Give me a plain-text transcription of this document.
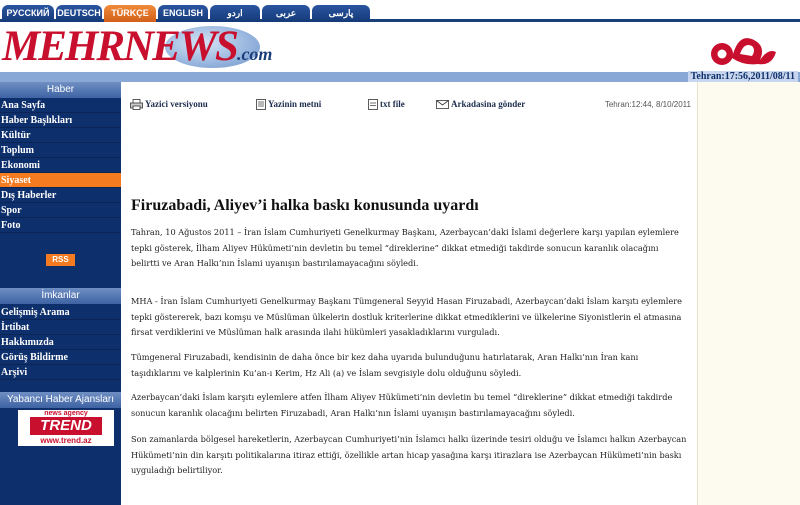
РУССКИЙ DEUTSCH	TÜRKÇE	ENGLISH	اردو	عربی	پارسی
MEHRNEWS.com
Tehran:17:56,2011/08/11
Haber
Ana Sayfa
Haber Başlıkları
Kültür
Toplum
Ekonomi
Siyaset
Dış Haberler
Spor
Foto
RSS
İmkanlar
Gelişmiş Arama
İrtibat
Hakkımızda
Görüş Bildirme
Arşivi
Yabancı Haber Ajansları
news agency
TREND
www.trend.az
Yazici versiyonu	Yazinin metni	txt file	Arkadasina gönder	Tehran:12:44, 8/10/2011
Firuzabadi, Aliyev’i halka baskı konusunda uyardı
Tahran, 10 Ağustos 2011 – İran İslam Cumhuriyeti Genelkurmay Başkanı, Azerbaycan’daki İslami değerlere karşı yapılan eylemlere tepki gösterek, İlham Aliyev Hükümeti’nin devletin bu temel “direklerine” dikkat etmediği takdirde sonucun karanlık olacağını belirtti ve Aran Halkı’nın İslami uyanışın bastırılamayacağını söyledi.
MHA - İran İslam Cumhuriyeti Genelkurmay Başkanı Tümgeneral Seyyid Hasan Firuzabadi, Azerbaycan’daki İslam karşıtı eylemlere tepki göstererek, bazı komşu ve Müslüman ülkelerin dostluk kriterlerine dikkat etmediklerini ve ülkelerine Siyonistlerin el atmasına firsat verdiklerini ve Müslüman halk arasında ilahi hükümleri yasakladıklarını vurguladı.
Tümgeneral Firuzabadi, kendisinin de daha önce bir kez daha uyarıda bulunduğunu hatırlatarak, Aran Halkı’nın İran kanı taşıdıklarını ve kalplerinin Ku’an-ı Kerim, Hz Ali (a) ve İslam sevgisiyle dolu olduğunu söyledi.
Azerbaycan’daki İslam karşıtı eylemlere atfen İlham Aliyev Hükümeti’nin devletin bu temel “direklerine” dikkat etmediği takdirde sonucun karanlık olacağını belirten Firuzabadi, Aran Halkı’nın İslami uyanışın bastırılamayacağını söyledi.
Son zamanlarda bölgesel hareketlerin, Azerbaycan Cumhuriyeti’nin İslamcı halkı üzerinde tesiri olduğu ve İslamcı halkın Azerbaycan Hükümeti’nin din karşıtı politikalarına itiraz ettiği, özellikle artan hicap yasağına karşı itirazlara ise Azerbaycan Hükümeti’nin baskı uyguladığı belirtiliyor.
